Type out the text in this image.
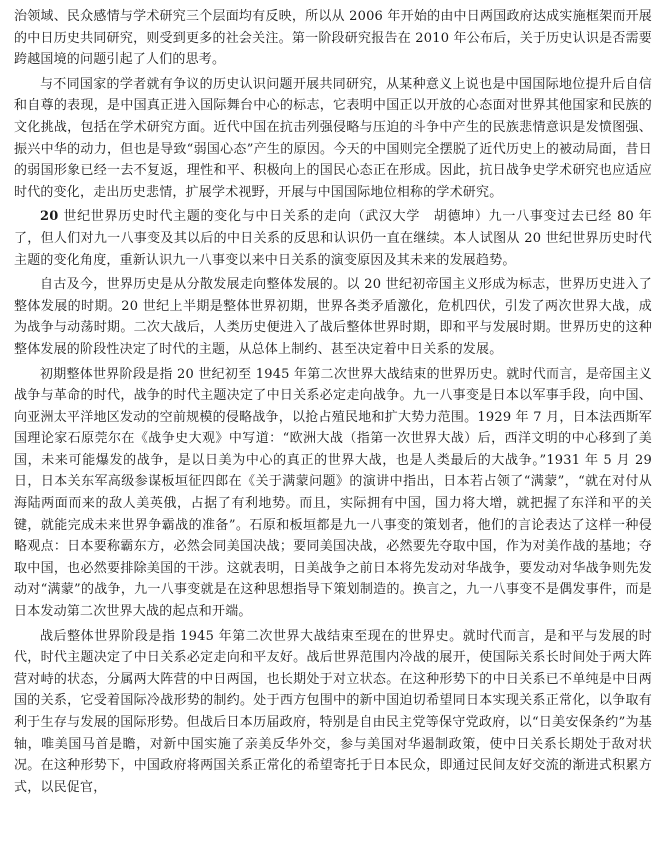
治领域、民众感情与学术研究三个层面均有反映，所以从 2006 年开始的由中日两国政府达成实施框架而开展的中日历史共同研究，则受到更多的社会关注。第一阶段研究报告在 2010 年公布后，关于历史认识是否需要跨越国境的问题引起了人们的思考。

与不同国家的学者就有争议的历史认识问题开展共同研究，从某种意义上说也是中国国际地位提升后自信和自尊的表现，是中国真正进入国际舞台中心的标志，它表明中国正以开放的心态面对世界其他国家和民族的文化挑战，包括在学术研究方面。近代中国在抗击列强侵略与压迫的斗争中产生的民族悲情意识是发愤图强、振兴中华的动力，但也是导致“弱国心态”产生的原因。今天的中国则完全摆脱了近代历史上的被动局面，昔日的弱国形象已经一去不复返，理性和平、积极向上的国民心态正在形成。因此，抗日战争史学术研究也应适应时代的变化，走出历史悲情，扩展学术视野，开展与中国国际地位相称的学术研究。

20 世纪世界历史时代主题的变化与中日关系的走向（武汉大学　胡德坤）九一八事变过去已经 80 年了，但人们对九一八事变及其以后的中日关系的反思和认识仍一直在继续。本人试图从 20 世纪世界历史时代主题的变化角度，重新认识九一八事变以来中日关系的演变原因及其未来的发展趋势。

自古及今，世界历史是从分散发展走向整体发展的。以 20 世纪初帝国主义形成为标志，世界历史进入了整体发展的时期。20 世纪上半期是整体世界初期，世界各类矛盾激化，危机四伏，引发了两次世界大战，成为战争与动荡时期。二次大战后，人类历史便进入了战后整体世界时期，即和平与发展时期。世界历史的这种整体发展的阶段性决定了时代的主题，从总体上制约、甚至决定着中日关系的发展。

初期整体世界阶段是指 20 世纪初至 1945 年第二次世界大战结束的世界历史。就时代而言，是帝国主义战争与革命的时代，战争的时代主题决定了中日关系必定走向战争。九一八事变是日本以军事手段，向中国、向亚洲太平洋地区发动的空前规模的侵略战争，以抢占殖民地和扩大势力范围。1929 年 7 月，日本法西斯军国理论家石原莞尔在《战争史大观》中写道：“欧洲大战（指第一次世界大战）后，西洋文明的中心移到了美国，未来可能爆发的战争，是以日美为中心的真正的世界大战，也是人类最后的大战争。”1931 年 5 月 29 日，日本关东军高级参谋板垣征四郎在《关于满蒙问题》的演讲中指出，日本若占领了“满蒙”，“就在对付从海陆两面而来的敌人美英俄，占据了有利地势。而且，实际拥有中国，国力将大增，就把握了东洋和平的关键，就能完成未来世界争霸战的准备”。石原和板垣都是九一八事变的策划者，他们的言论表达了这样一种侵略观点：日本要称霸东方，必然会同美国决战；要同美国决战，必然要先夺取中国，作为对美作战的基地；夺取中国，也必然要排除美国的干涉。这就表明，日美战争之前日本将先发动对华战争，要发动对华战争则先发动对“满蒙”的战争，九一八事变就是在这种思想指导下策划制造的。换言之，九一八事变不是偶发事件，而是日本发动第二次世界大战的起点和开端。

战后整体世界阶段是指 1945 年第二次世界大战结束至现在的世界史。就时代而言，是和平与发展的时代，时代主题决定了中日关系必定走向和平友好。战后世界范围内冷战的展开，使国际关系长时间处于两大阵营对峙的状态，分属两大阵营的中日两国，也长期处于对立状态。在这种形势下的中日关系已不单纯是中日两国的关系，它受着国际冷战形势的制约。处于西方包围中的新中国迫切希望同日本实现关系正常化，以争取有利于生存与发展的国际形势。但战后日本历届政府，特别是自由民主党等保守党政府，以“日美安保条约”为基轴，唯美国马首是瞻，对新中国实施了亲美反华外交，参与美国对华遏制政策，使中日关系长期处于敌对状况。在这种形势下，中国政府将两国关系正常化的希望寄托于日本民众，即通过民间友好交流的渐进式积累方式，以民促官，
